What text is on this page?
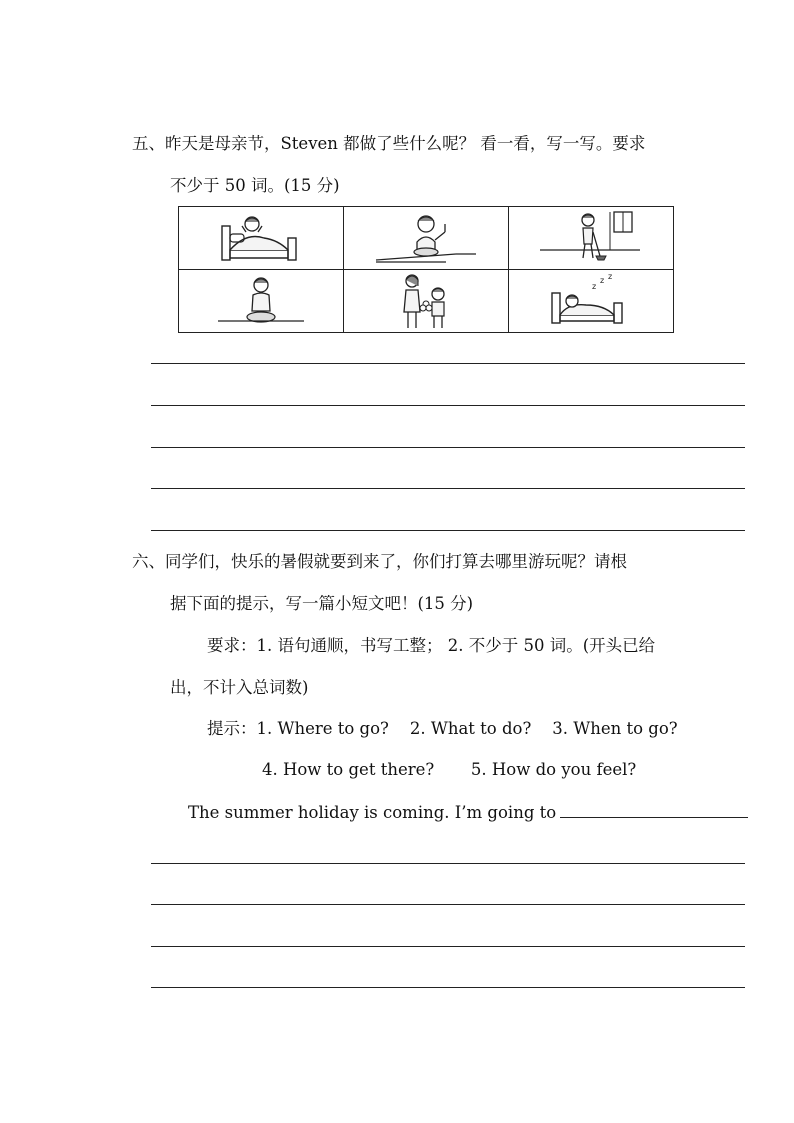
五、昨天是母亲节，Steven 都做了些什么呢？ 看一看，写一写。要求
不少于 50 词。(15 分)

z
z z
六、同学们，快乐的暑假就要到来了，你们打算去哪里游玩呢？请根
据下面的提示，写一篇小短文吧！(15 分)
要求：1. 语句通顺，书写工整； 2. 不少于 50 词。(开头已给
出，不计入总词数)
提示：1. Where to go?    2. What to do?    3. When to go?
4. How to get there?       5. How do you feel?
The summer holiday is coming. I’m going to
